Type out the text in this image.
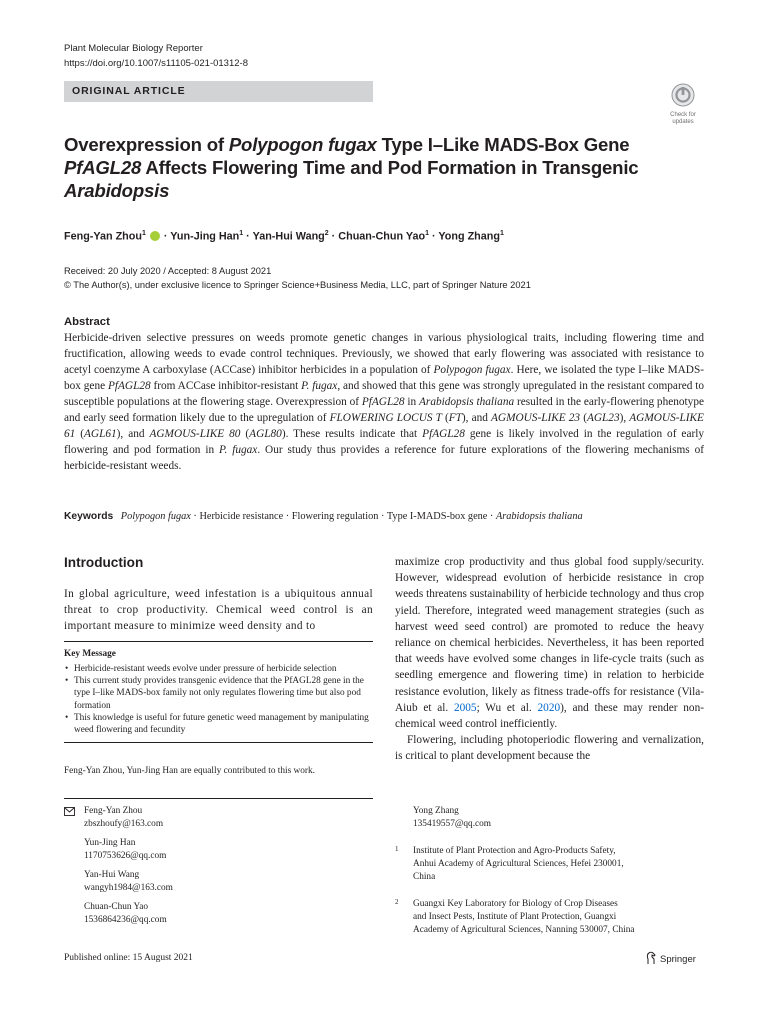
Plant Molecular Biology Reporter
https://doi.org/10.1007/s11105-021-01312-8
ORIGINAL ARTICLE
Check for
updates
Overexpression of Polypogon fugax Type I–Like MADS-Box Gene
PfAGL28 Affects Flowering Time and Pod Formation in Transgenic
Arabidopsis
Feng-Yan Zhou$^1$  · Yun-Jing Han$^1$ · Yan-Hui Wang$^2$ · Chuan-Chun Yao$^1$ · Yong Zhang$^1$
Received: 20 July 2020 / Accepted: 8 August 2021
© The Author(s), under exclusive licence to Springer Science+Business Media, LLC, part of Springer Nature 2021
Abstract
Herbicide-driven selective pressures on weeds promote genetic changes in various physiological traits, including flowering time and fructification, allowing weeds to evade control techniques. Previously, we showed that early flowering was associated with resistance to acetyl coenzyme A carboxylase (ACCase) inhibitor herbicides in a population of Polypogon fugax. Here, we isolated the type I–like MADS-box gene PfAGL28 from ACCase inhibitor-resistant P. fugax, and showed that this gene was strongly upregulated in the resistant compared to susceptible populations at the flowering stage. Overexpression of PfAGL28 in Arabidopsis thaliana resulted in the early-flowering phenotype and early seed formation likely due to the upregulation of FLOWERING LOCUS T (FT), and AGMOUS-LIKE 23 (AGL23), AGMOUS-LIKE 61 (AGL61), and AGMOUS-LIKE 80 (AGL80). These results indicate that PfAGL28 gene is likely involved in the regulation of early flowering and pod formation in P. fugax. Our study thus provides a reference for future explorations of the flowering mechanisms of herbicide-resistant weeds.
Keywords Polypogon fugax · Herbicide resistance · Flowering regulation · Type I-MADS-box gene · Arabidopsis thaliana
Introduction
In global agriculture, weed infestation is a ubiquitous annual threat to crop productivity. Chemical weed control is an important measure to minimize weed density and to
Key Message
• Herbicide-resistant weeds evolve under pressure of herbicide selection
• This current study provides transgenic evidence that the PfAGL28 gene in the type I–like MADS-box family not only regulates flowering time but also pod formation
• This knowledge is useful for future genetic weed management by manipulating weed flowering and fecundity
Feng-Yan Zhou, Yun-Jing Han are equally contributed to this work.
Feng-Yan Zhou
zbszhoufy@163.com
Yun-Jing Han
1170753626@qq.com
Yan-Hui Wang
wangyh1984@163.com
Chuan-Chun Yao
1536864236@qq.com

maximize crop productivity and thus global food supply/security. However, widespread evolution of herbicide resistance in crop weeds threatens sustainability of herbicide technology and thus crop yield. Therefore, integrated weed management strategies (such as harvest weed seed control) are promoted to reduce the heavy reliance on chemical herbicides. Nevertheless, it has been reported that weeds have evolved some changes in life-cycle traits (such as seedling emergence and flowering time) in relation to herbicide resistance evolution, likely as fitness trade-offs for resistance (Vila-Aiub et al. 2005; Wu et al. 2020), and these may render non-chemical weed control inefficiently.

Flowering, including photoperiodic flowering and vernalization, is critical to plant development because the

Yong Zhang
135419557@qq.com
1 Institute of Plant Protection and Agro-Products Safety,
Anhui Academy of Agricultural Sciences, Hefei 230001,
China
2 Guangxi Key Laboratory for Biology of Crop Diseases
and Insect Pests, Institute of Plant Protection, Guangxi
Academy of Agricultural Sciences, Nanning 530007, China
Published online: 15 August 2021	Springer
